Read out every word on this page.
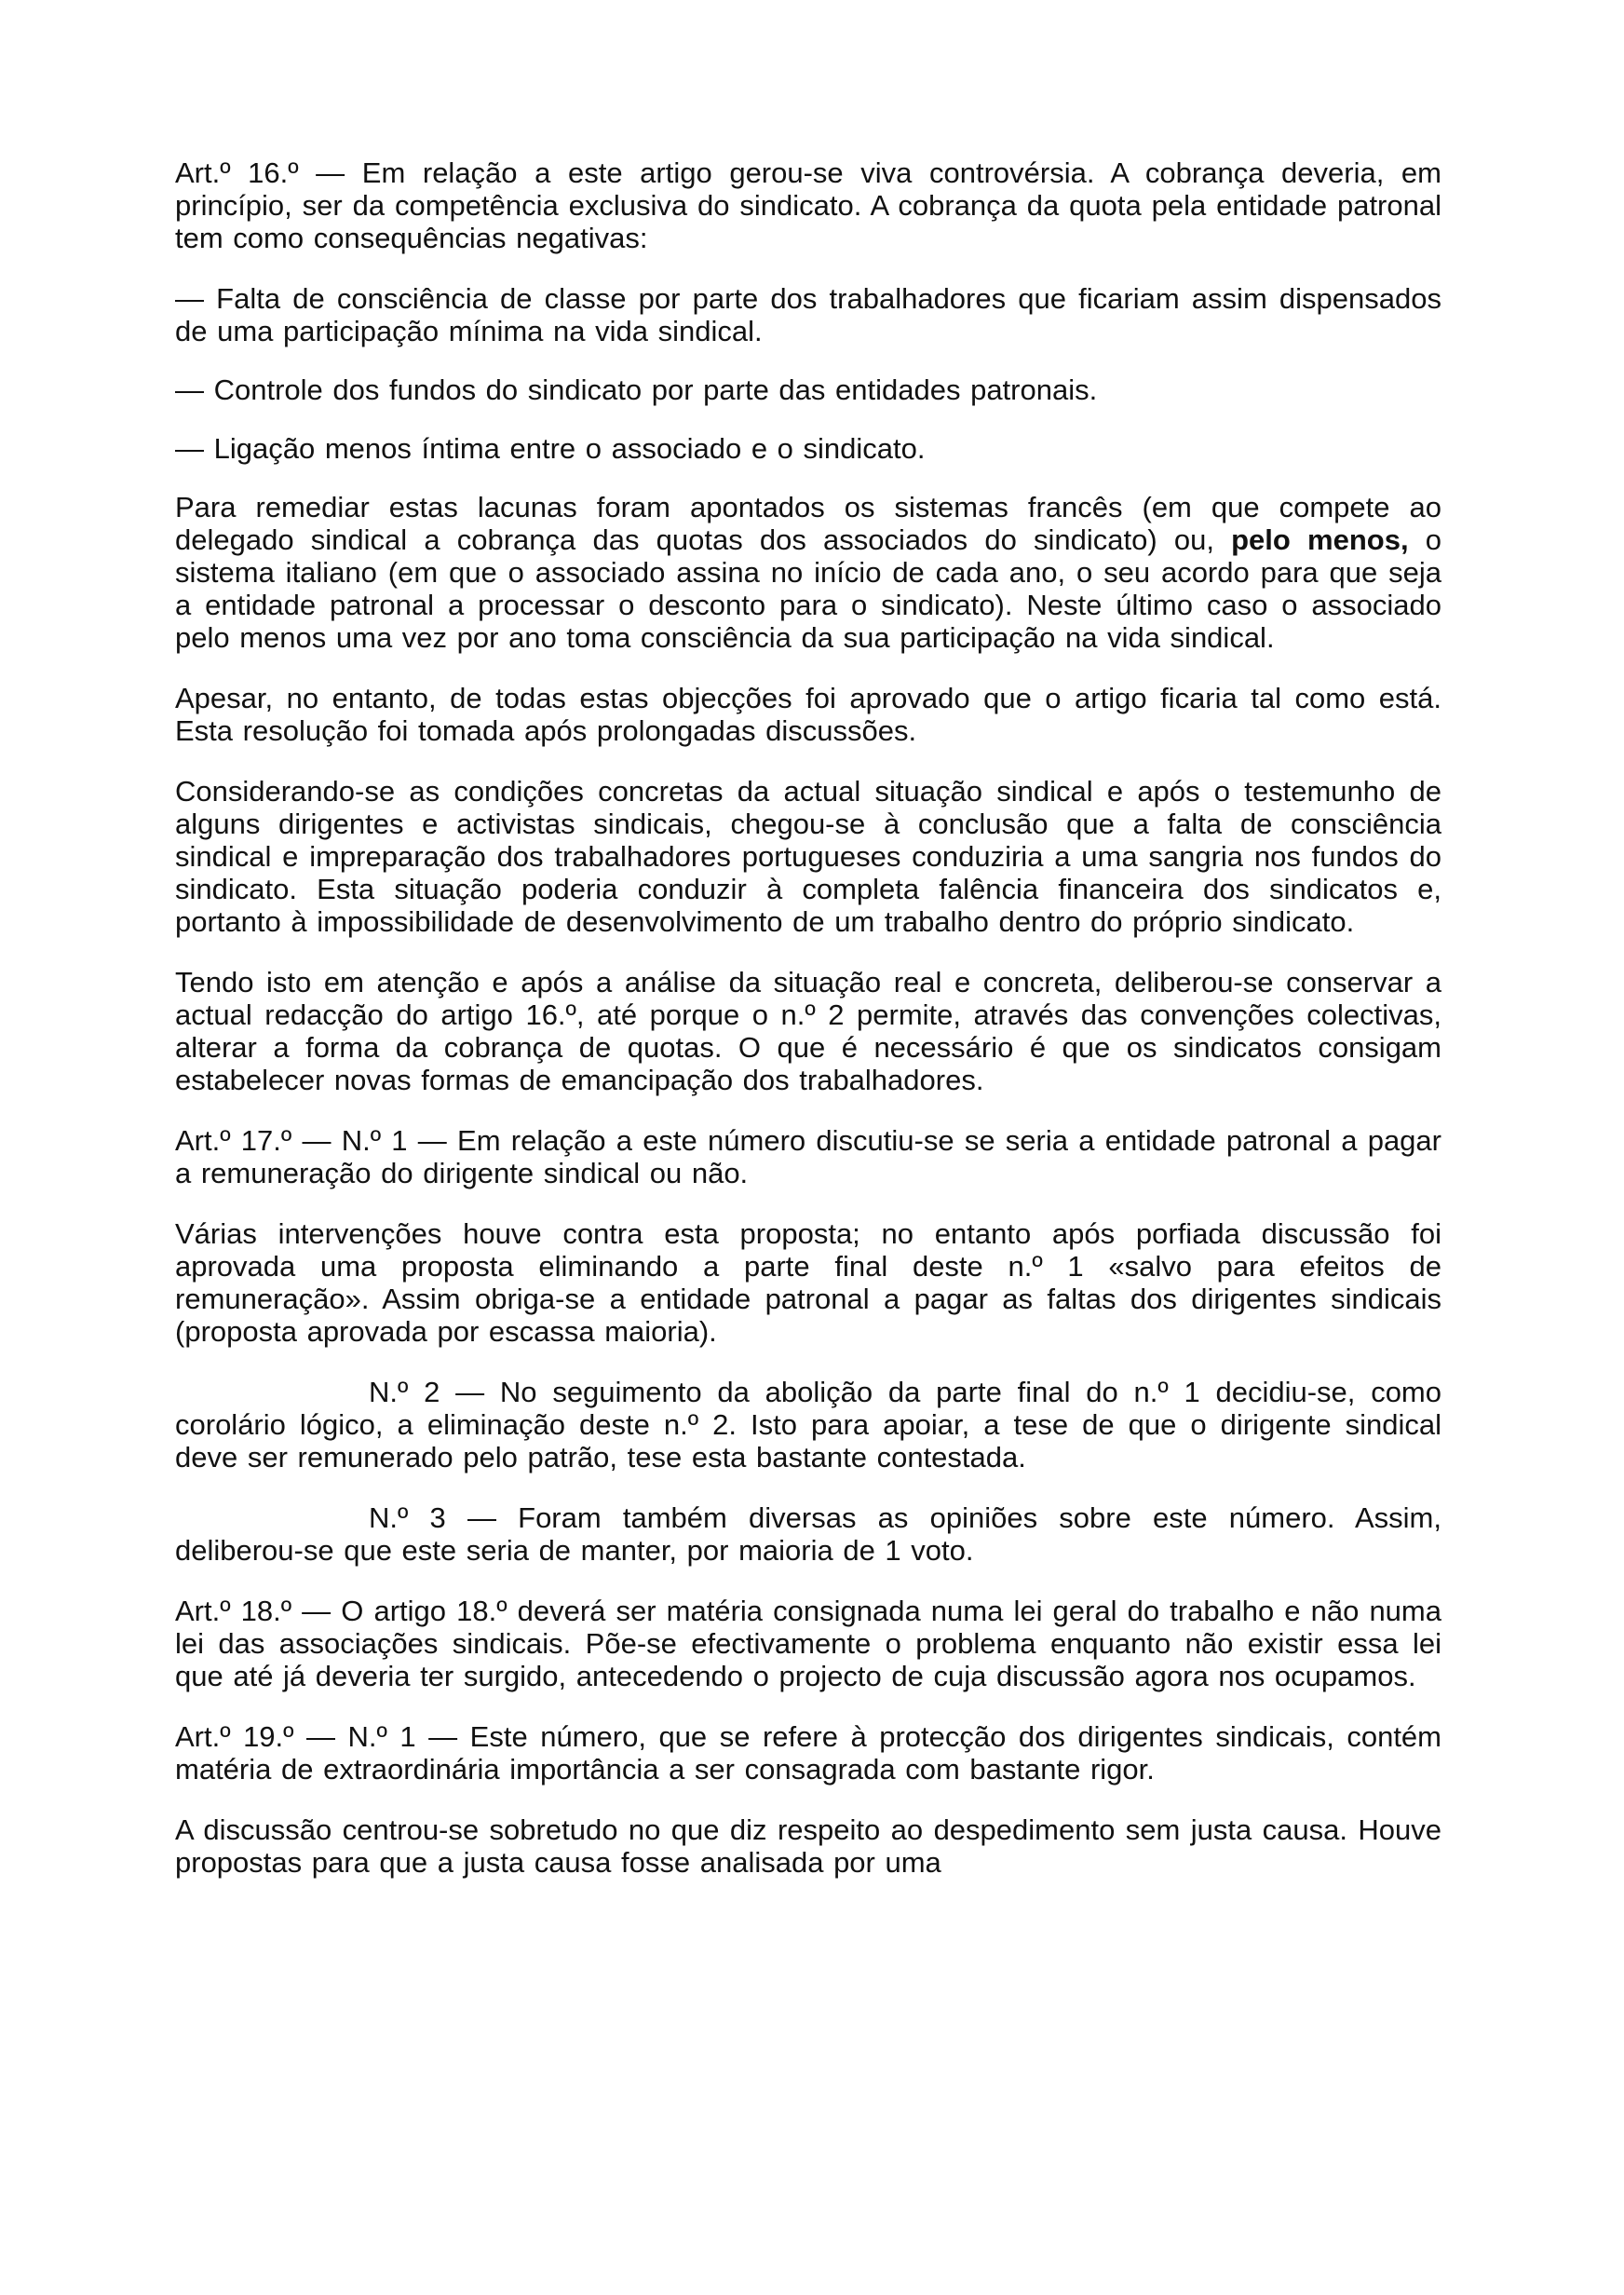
Art.º 16.º — Em relação a este artigo gerou-se viva controvérsia. A cobrança deveria, em princípio, ser da competência exclusiva do sindicato. A cobrança da quota pela entidade patronal tem como consequências negativas:

— Falta de consciência de classe por parte dos trabalhadores que ficariam assim dispensados de uma participação mínima na vida sindical.

— Controle dos fundos do sindicato por parte das entidades patronais.

— Ligação menos íntima entre o associado e o sindicato.

Para remediar estas lacunas foram apontados os sistemas francês (em que compete ao delegado sindical a cobrança das quotas dos associados do sindicato) ou, pelo menos, o sistema italiano (em que o associado assina no início de cada ano, o seu acordo para que seja a entidade patronal a processar o desconto para o sindicato). Neste último caso o associado pelo menos uma vez por ano toma consciência da sua participação na vida sindical.

Apesar, no entanto, de todas estas objecções foi aprovado que o artigo ficaria tal como está. Esta resolução foi tomada após prolongadas discussões.

Considerando-se as condições concretas da actual situação sindical e após o testemunho de alguns dirigentes e activistas sindicais, chegou-se à conclusão que a falta de consciência sindical e impreparação dos trabalhadores portugueses conduziria a uma sangria nos fundos do sindicato. Esta situação poderia conduzir à completa falência financeira dos sindicatos e, portanto à impossibilidade de desenvolvimento de um trabalho dentro do próprio sindicato.

Tendo isto em atenção e após a análise da situação real e concreta, deliberou-se conservar a actual redacção do artigo 16.º, até porque o n.º 2 permite, através das convenções colectivas, alterar a forma da cobrança de quotas. O que é necessário é que os sindicatos consigam estabelecer novas formas de emancipação dos trabalhadores.

Art.º 17.º — N.º 1 — Em relação a este número discutiu-se se seria a entidade patronal a pagar a remuneração do dirigente sindical ou não.

Várias intervenções houve contra esta proposta; no entanto após porfiada discussão foi aprovada uma proposta eliminando a parte final deste n.º 1 «salvo para efeitos de remuneração». Assim obriga-se a entidade patronal a pagar as faltas dos dirigentes sindicais (proposta aprovada por escassa maioria).

N.º 2 — No seguimento da abolição da parte final do n.º 1 decidiu-se, como corolário lógico, a eliminação deste n.º 2. Isto para apoiar, a tese de que o dirigente sindical deve ser remunerado pelo patrão, tese esta bastante contestada.

N.º 3 — Foram também diversas as opiniões sobre este número. Assim, deliberou-se que este seria de manter, por maioria de 1 voto.

Art.º 18.º — O artigo 18.º deverá ser matéria consignada numa lei geral do trabalho e não numa lei das associações sindicais. Põe-se efectivamente o problema enquanto não existir essa lei que até já deveria ter surgido, antecedendo o projecto de cuja discussão agora nos ocupamos.

Art.º 19.º — N.º 1 — Este número, que se refere à protecção dos dirigentes sindicais, contém matéria de extraordinária importância a ser consagrada com bastante rigor.

A discussão centrou-se sobretudo no que diz respeito ao despedimento sem justa causa. Houve propostas para que a justa causa fosse analisada por uma
